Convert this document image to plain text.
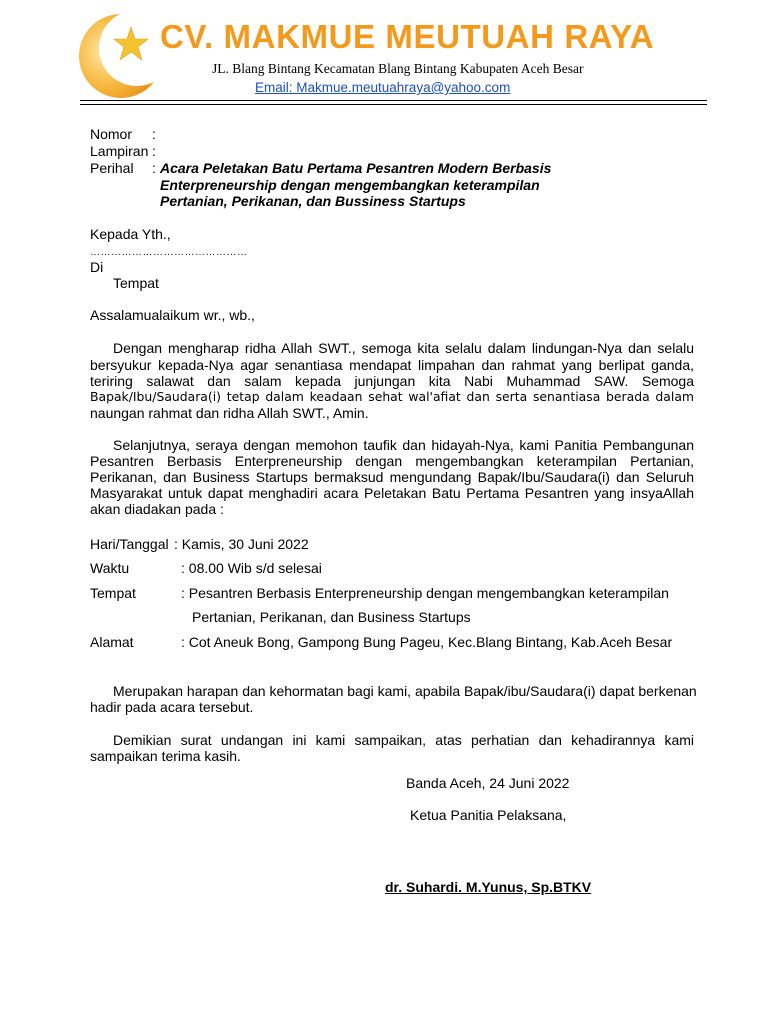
CV. MAKMUE MEUTUAH RAYA
JL. Blang Bintang Kecamatan Blang Bintang Kabupaten Aceh Besar
Email: Makmue.meutuahraya@yahoo.com
Nomor :
Lampiran :
Perihal : Acara Peletakan Batu Pertama Pesantren Modern Berbasis
Enterpreneurship dengan mengembangkan keterampilan
Pertanian, Perikanan, dan Bussiness Startups
Kepada Yth.,
………………………………………
Di
Tempat
Assalamualaikum wr., wb.,
Dengan mengharap ridha Allah SWT., semoga kita selalu dalam lindungan-Nya dan selalu
bersyukur kepada-Nya agar senantiasa mendapat limpahan dan rahmat yang berlipat ganda,
teriring salawat dan salam kepada junjungan kita Nabi Muhammad SAW. Semoga
Bapak/Ibu/Saudara(i) tetap dalam keadaan sehat wal'afiat dan serta senantiasa berada dalam
naungan rahmat dan ridha Allah SWT., Amin.
Selanjutnya, seraya dengan memohon taufik dan hidayah-Nya, kami Panitia Pembangunan
Pesantren Berbasis Enterpreneurship dengan mengembangkan keterampilan Pertanian,
Perikanan, dan Business Startups bermaksud mengundang Bapak/Ibu/Saudara(i) dan Seluruh
Masyarakat untuk dapat menghadiri acara Peletakan Batu Pertama Pesantren yang insyaAllah
akan diadakan pada :
Hari/Tanggal : Kamis, 30 Juni 2022
Waktu	: 08.00 Wib s/d selesai
Tempat	: Pesantren Berbasis Enterpreneurship dengan mengembangkan keterampilan
Pertanian, Perikanan, dan Business Startups
Alamat	: Cot Aneuk Bong, Gampong Bung Pageu, Kec.Blang Bintang, Kab.Aceh Besar
Merupakan harapan dan kehormatan bagi kami, apabila Bapak/ibu/Saudara(i) dapat berkenan
hadir pada acara tersebut.
Demikian surat undangan ini kami sampaikan, atas perhatian dan kehadirannya kami
sampaikan terima kasih.
Banda Aceh, 24 Juni 2022
Ketua Panitia Pelaksana,
dr. Suhardi. M.Yunus, Sp.BTKV
